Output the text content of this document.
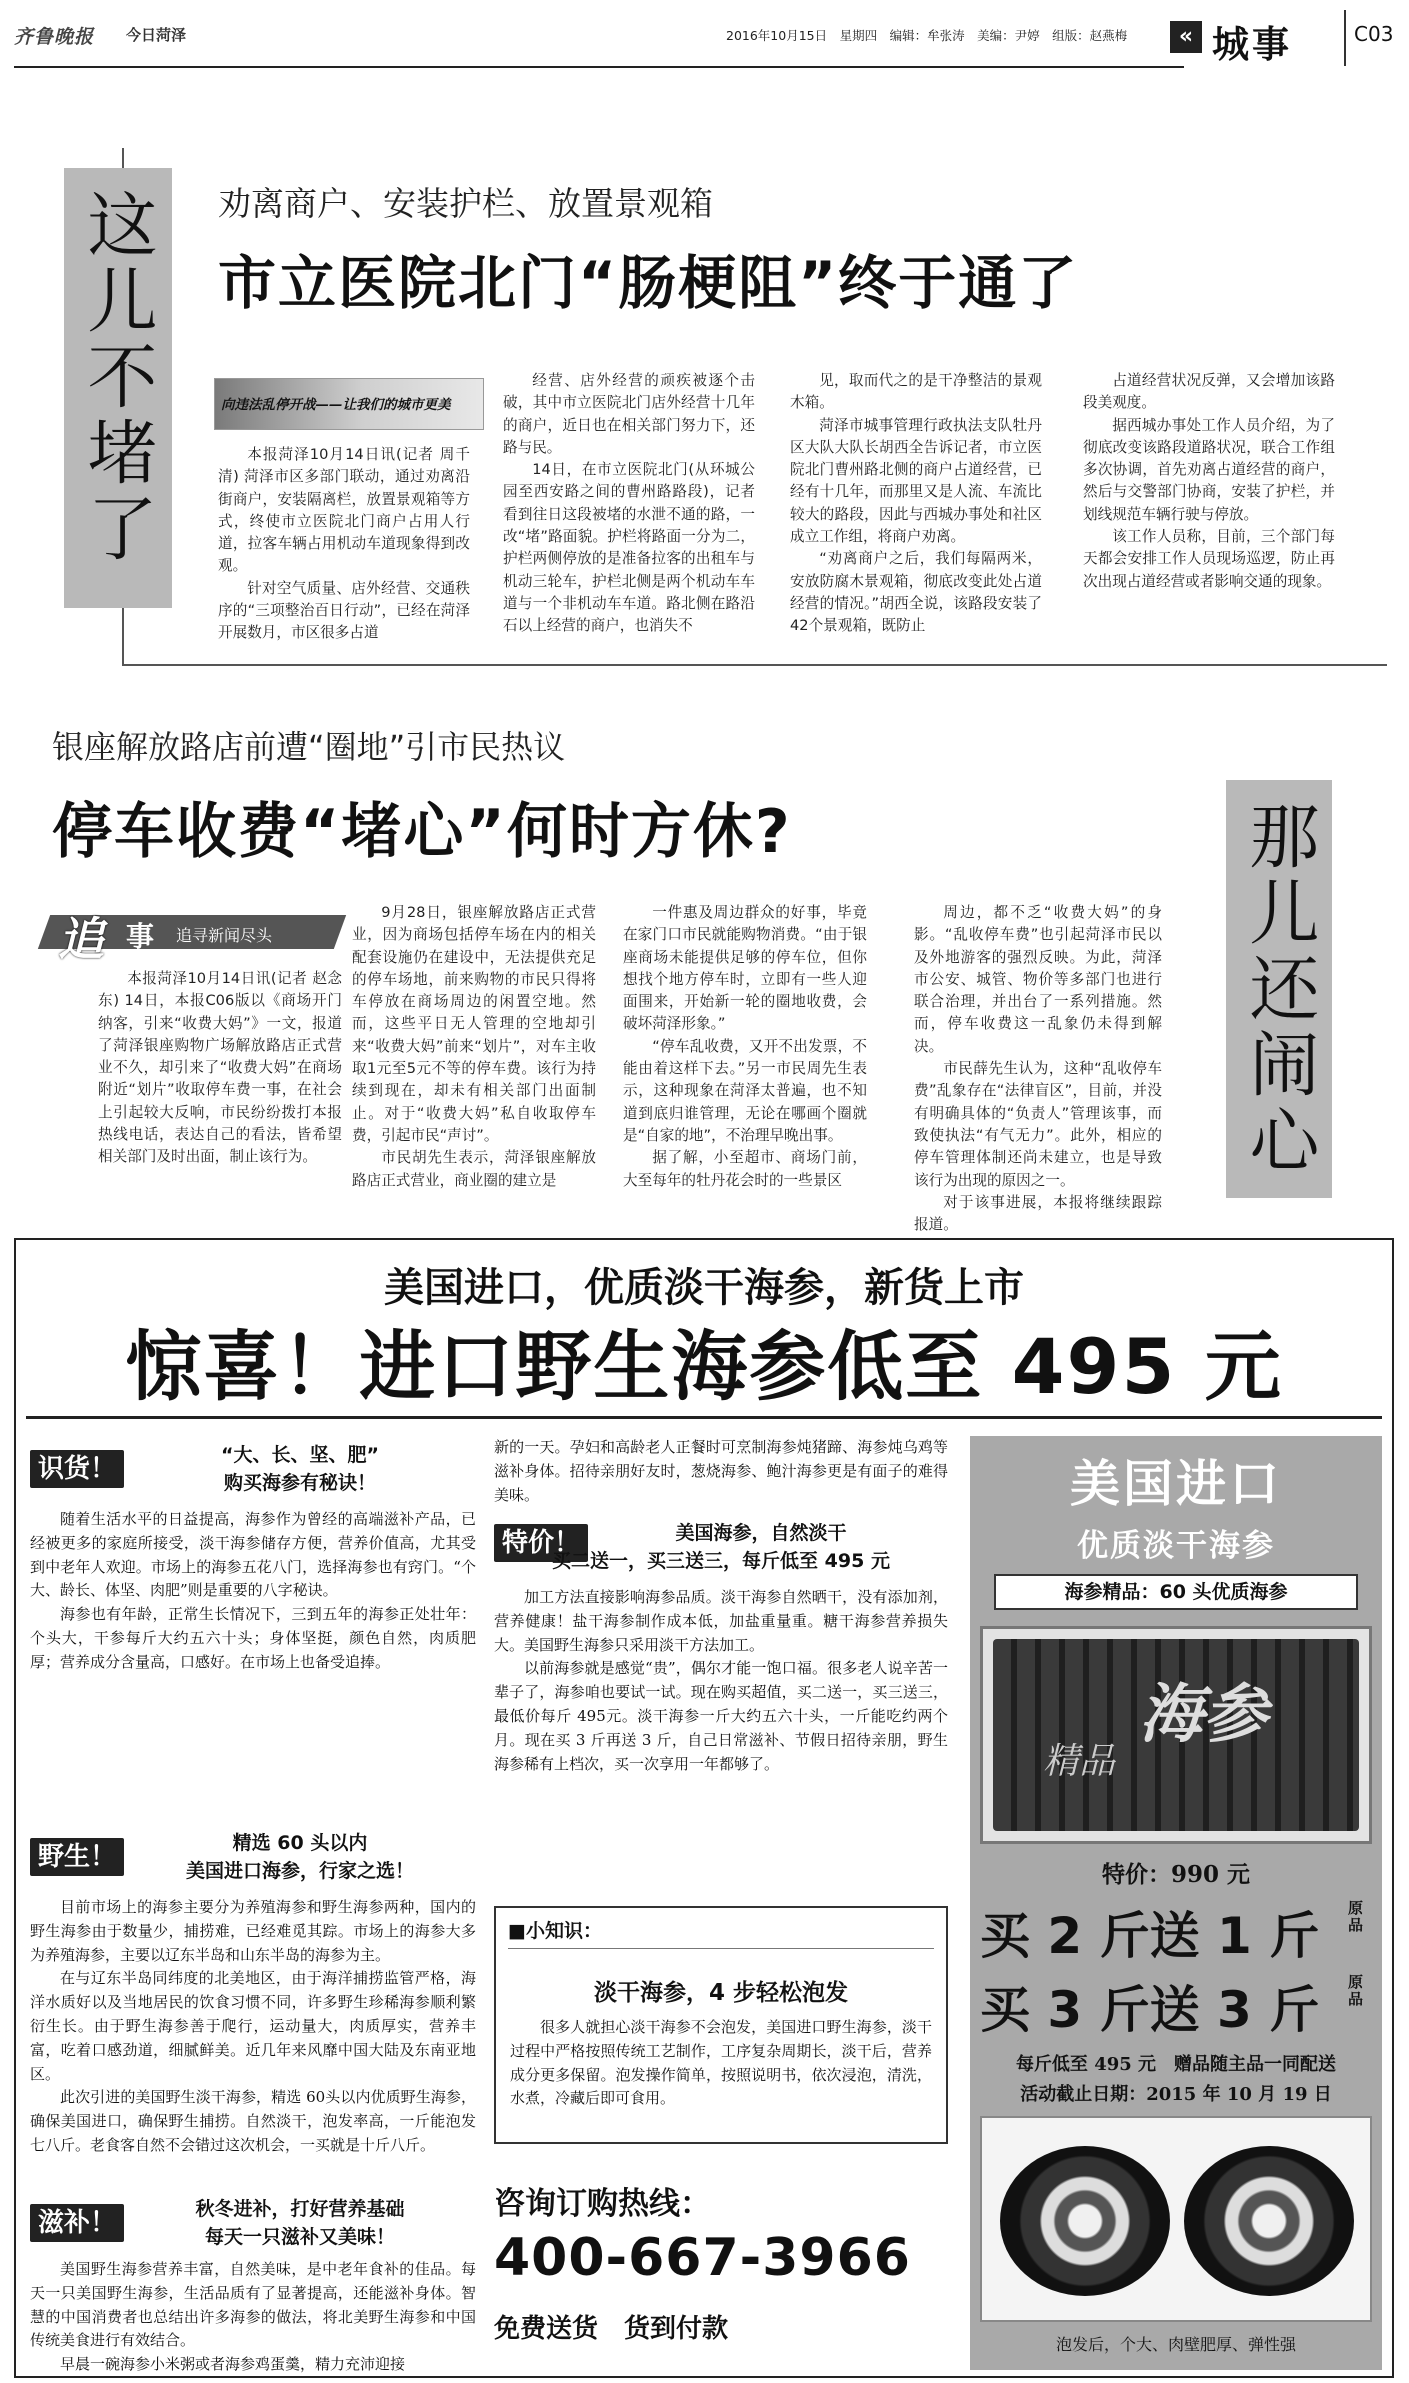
齐鲁晚报 今日菏泽	2016年10月15日　星期四　编辑：牟张涛　美编：尹婷　组版：赵燕梅	« 城事	C03
这儿不堵了 劝离商户、安装护栏、放置景观箱
市立医院北门“肠梗阻”终于通了
向违法乱停开战——让我们的城市更美

本报菏泽10月14日讯(记者 周千清) 菏泽市区多部门联动，通过劝离沿街商户，安装隔离栏，放置景观箱等方式，终使市立医院北门商户占用人行道，拉客车辆占用机动车道现象得到改观。

针对空气质量、店外经营、交通秩序的“三项整治百日行动”，已经在菏泽开展数月，市区很多占道

经营、店外经营的顽疾被逐个击破，其中市立医院北门店外经营十几年的商户，近日也在相关部门努力下，还路与民。

14日，在市立医院北门(从环城公园至西安路之间的曹州路路段)，记者看到往日这段被堵的水泄不通的路，一改“堵”路面貌。护栏将路面一分为二，护栏两侧停放的是准备拉客的出租车与机动三轮车，护栏北侧是两个机动车车道与一个非机动车车道。路北侧在路沿石以上经营的商户，也消失不

见，取而代之的是干净整洁的景观木箱。

菏泽市城事管理行政执法支队牡丹区大队大队长胡西全告诉记者，市立医院北门曹州路北侧的商户占道经营，已经有十几年，而那里又是人流、车流比较大的路段，因此与西城办事处和社区成立工作组，将商户劝离。

“劝离商户之后，我们每隔两米，安放防腐木景观箱，彻底改变此处占道经营的情况。”胡西全说，该路段安装了42个景观箱，既防止

占道经营状况反弹，又会增加该路段美观度。

据西城办事处工作人员介绍，为了彻底改变该路段道路状况，联合工作组多次协调，首先劝离占道经营的商户，然后与交警部门协商，安装了护栏，并划线规范车辆行驶与停放。

该工作人员称，目前，三个部门每天都会安排工作人员现场巡逻，防止再次出现占道经营或者影响交通的现象。

银座解放路店前遭“圈地”引市民热议
停车收费“堵心”何时方休?	那儿还闹心
追 事 追寻新闻尽头

本报菏泽10月14日讯(记者 赵念东) 14日，本报C06版以《商场开门纳客，引来“收费大妈”》一文，报道了菏泽银座购物广场解放路店正式营业不久，却引来了“收费大妈”在商场附近“划片”收取停车费一事，在社会上引起较大反响，市民纷纷拨打本报热线电话，表达自己的看法，皆希望相关部门及时出面，制止该行为。

9月28日，银座解放路店正式营业，因为商场包括停车场在内的相关配套设施仍在建设中，无法提供充足的停车场地，前来购物的市民只得将车停放在商场周边的闲置空地。然而，这些平日无人管理的空地却引来“收费大妈”前来“划片”，对车主收取1元至5元不等的停车费。该行为持续到现在，却未有相关部门出面制止。对于“收费大妈”私自收取停车费，引起市民“声讨”。

市民胡先生表示，菏泽银座解放路店正式营业，商业圈的建立是

一件惠及周边群众的好事，毕竟在家门口市民就能购物消费。“由于银座商场未能提供足够的停车位，但你想找个地方停车时，立即有一些人迎面围来，开始新一轮的圈地收费，会破坏菏泽形象。”

“停车乱收费，又开不出发票，不能由着这样下去。”另一市民周先生表示，这种现象在菏泽太普遍，也不知道到底归谁管理，无论在哪画个圈就是“自家的地”，不治理早晚出事。

据了解，小至超市、商场门前，大至每年的牡丹花会时的一些景区

周边，都不乏“收费大妈”的身影。“乱收停车费”也引起菏泽市民以及外地游客的强烈反映。为此，菏泽市公安、城管、物价等多部门也进行联合治理，并出台了一系列措施。然而，停车收费这一乱象仍未得到解决。

市民薛先生认为，这种“乱收停车费”乱象存在“法律盲区”，目前，并没有明确具体的“负责人”管理该事，而致使执法“有气无力”。此外，相应的停车管理体制还尚未建立，也是导致该行为出现的原因之一。

对于该事进展，本报将继续跟踪报道。

美国进口，优质淡干海参，新货上市
惊喜！进口野生海参低至 495 元
识货！	“大、长、坚、肥”
购买海参有秘诀！

随着生活水平的日益提高，海参作为曾经的高端滋补产品，已经被更多的家庭所接受，淡干海参储存方便，营养价值高，尤其受到中老年人欢迎。市场上的海参五花八门，选择海参也有窍门。“个大、龄长、体坚、肉肥”则是重要的八字秘诀。

海参也有年龄，正常生长情况下，三到五年的海参正处壮年：个头大，干参每斤大约五六十头；身体坚挺，颜色自然，肉质肥厚；营养成分含量高，口感好。在市场上也备受追捧。

野生！	精选 60 头以内
美国进口海参，行家之选！

目前市场上的海参主要分为养殖海参和野生海参两种，国内的野生海参由于数量少，捕捞难，已经难觅其踪。市场上的海参大多为养殖海参，主要以辽东半岛和山东半岛的海参为主。

在与辽东半岛同纬度的北美地区，由于海洋捕捞监管严格，海洋水质好以及当地居民的饮食习惯不同，许多野生珍稀海参顺利繁衍生长。由于野生海参善于爬行，运动量大，肉质厚实，营养丰富，吃着口感劲道，细腻鲜美。近几年来风靡中国大陆及东南亚地区。

此次引进的美国野生淡干海参，精选 60头以内优质野生海参，确保美国进口，确保野生捕捞。自然淡干，泡发率高，一斤能泡发七八斤。老食客自然不会错过这次机会，一买就是十斤八斤。

滋补！	秋冬进补，打好营养基础
每天一只滋补又美味！

美国野生海参营养丰富，自然美味，是中老年食补的佳品。每天一只美国野生海参，生活品质有了显著提高，还能滋补身体。智慧的中国消费者也总结出许多海参的做法，将北美野生海参和中国传统美食进行有效结合。

早晨一碗海参小米粥或者海参鸡蛋羹，精力充沛迎接

新的一天。孕妇和高龄老人正餐时可烹制海参炖猪蹄、海参炖乌鸡等滋补身体。招待亲朋好友时，葱烧海参、鲍汁海参更是有面子的难得美味。

特价！	美国海参，自然淡干
买二送一，买三送三，每斤低至 495 元

加工方法直接影响海参品质。淡干海参自然晒干，没有添加剂，营养健康！盐干海参制作成本低，加盐重量重。糖干海参营养损失大。美国野生海参只采用淡干方法加工。

以前海参就是感觉“贵”，偶尔才能一饱口福。很多老人说辛苦一辈子了，海参咱也要试一试。现在购买超值，买二送一，买三送三，最低价每斤 495元。淡干海参一斤大约五六十头，一斤能吃约两个月。现在买 3 斤再送 3 斤，自己日常滋补、节假日招待亲朋，野生海参稀有上档次，买一次享用一年都够了。

■小知识：
淡干海参，4 步轻松泡发

很多人就担心淡干海参不会泡发，美国进口野生海参，淡干过程中严格按照传统工艺制作，工序复杂周期长，淡干后，营养成分更多保留。泡发操作简单，按照说明书，依次浸泡，清洗，水煮，冷藏后即可食用。

咨询订购热线：
400-667-3966
免费送货　货到付款
美国进口
优质淡干海参
海参精品：60 头优质海参
海参
精品
特价：990 元
买 2 斤送 1 斤 原品
买 3 斤送 3 斤 原品
每斤低至 495 元　赠品随主品一同配送
活动截止日期：2015 年 10 月 19 日
泡发后，个大、肉壁肥厚、弹性强
